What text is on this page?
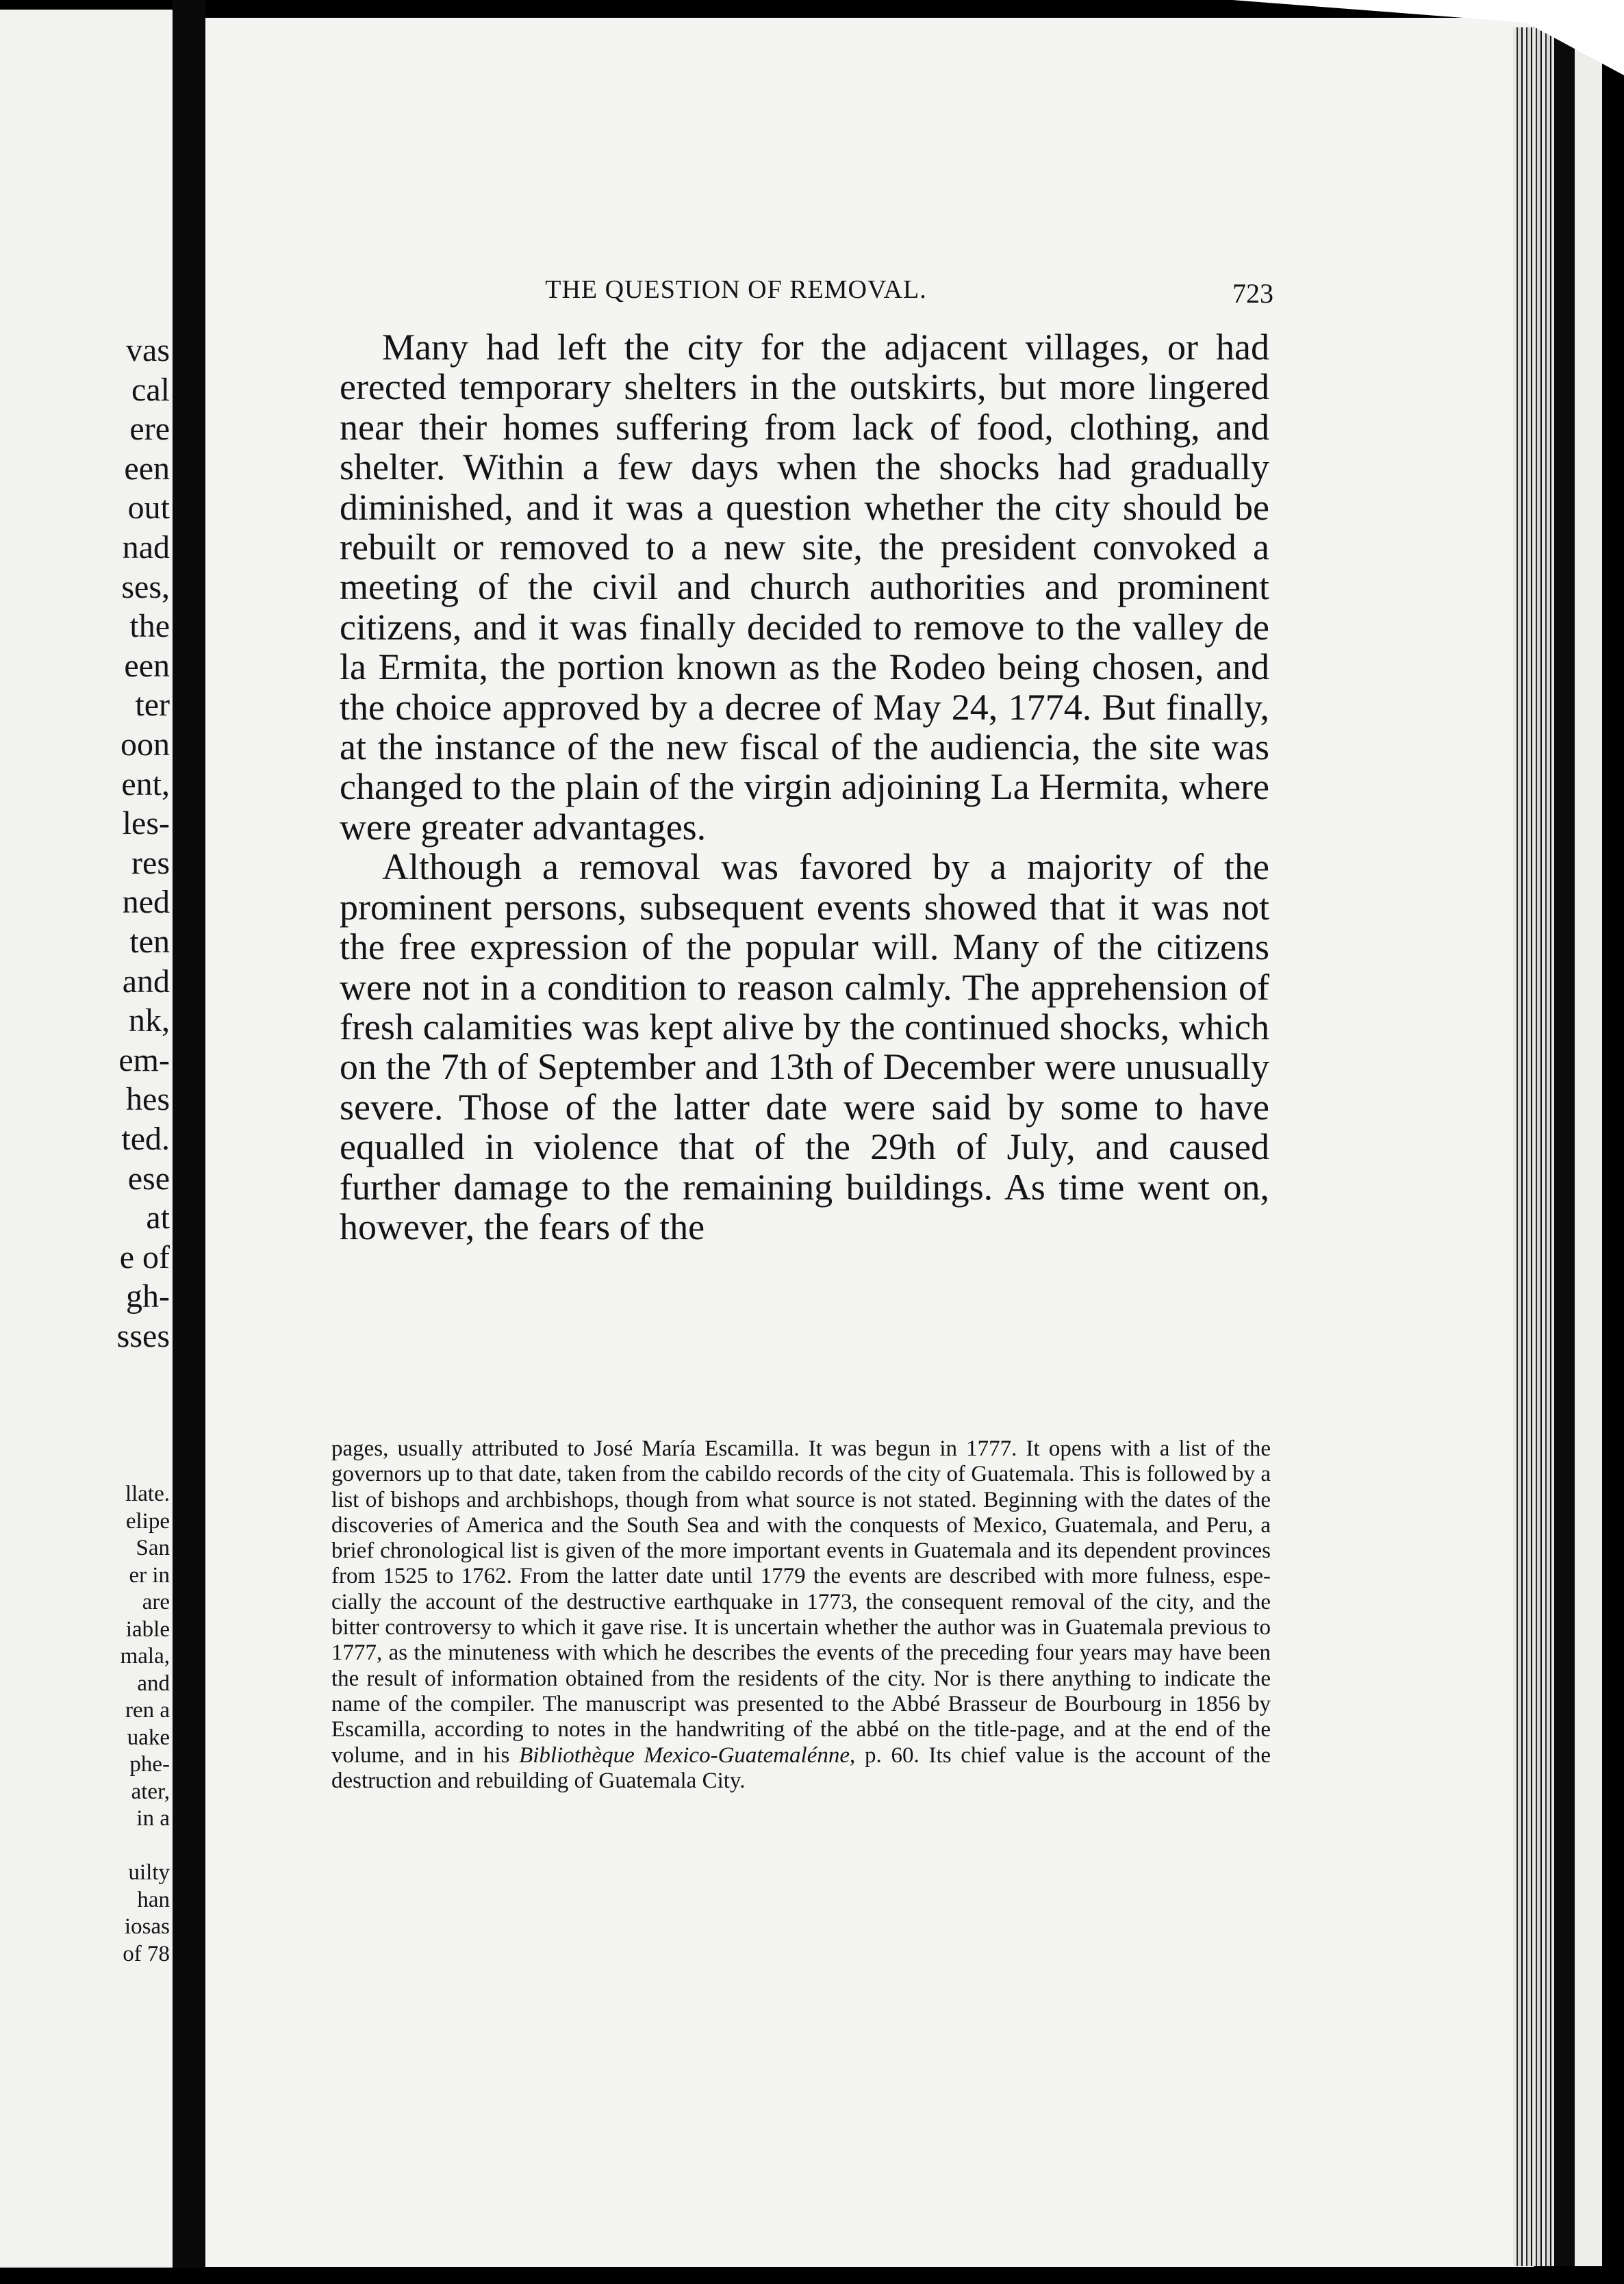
vas
cal
ere
een
out
nad
ses,
the
een
ter
oon
ent,
les-
res
ned
ten
and
nk,
em-
hes
ted.
ese
at
e of
gh-
sses
llate.
elipe
San
er in
are
iable
mala,
and
ren a
uake
phe-
ater,
in a
uilty
han
iosas
of 78
THE QUESTION OF REMOVAL.	723

Many had left the city for the adjacent villages, or had erected temporary shelters in the outskirts, but more lingered near their homes suffering from lack of food, clothing, and shelter. Within a few days when the shocks had gradually diminished, and it was a question whether the city should be rebuilt or removed to a new site, the president convoked a meeting of the civil and church authorities and prominent citizens, and it was finally decided to remove to the valley de la Ermita, the portion known as the Rodeo being chosen, and the choice approved by a decree of May 24, 1774. But finally, at the instance of the new fiscal of the audiencia, the site was changed to the plain of the virgin adjoining La Hermita, where were greater advantages.

Although a removal was favored by a majority of the prominent persons, subsequent events showed that it was not the free expression of the popular will. Many of the citizens were not in a condition to reason calmly. The apprehension of fresh calamities was kept alive by the continued shocks, which on the 7th of September and 13th of December were unusually severe. Those of the latter date were said by some to have equalled in violence that of the 29th of July, and caused further damage to the remaining buildings. As time went on, however, the fears of the

pages, usually attributed to José María Escamilla. It was begun in 1777. It opens with a list of the governors up to that date, taken from the cabildo records of the city of Guatemala. This is followed by a list of bishops and archbishops, though from what source is not stated. Beginning with the dates of the discoveries of America and the South Sea and with the conquests of Mexico, Guatemala, and Peru, a brief chronological list is given of the more important events in Guatemala and its dependent provinces from 1525 to 1762. From the latter date until 1779 the events are described with more fulness, especially the account of the destructive earthquake in 1773, the consequent removal of the city, and the bitter controversy to which it gave rise. It is uncertain whether the author was in Guatemala previous to 1777, as the minuteness with which he describes the events of the preceding four years may have been the result of information obtained from the residents of the city. Nor is there anything to indicate the name of the compiler. The manuscript was presented to the Abbé Brasseur de Bourbourg in 1856 by Escamilla, according to notes in the handwriting of the abbé on the title-page, and at the end of the volume, and in his Bibliothèque Mexico-Guatemalénne, p. 60. Its chief value is the account of the destruction and rebuilding of Guatemala City.
